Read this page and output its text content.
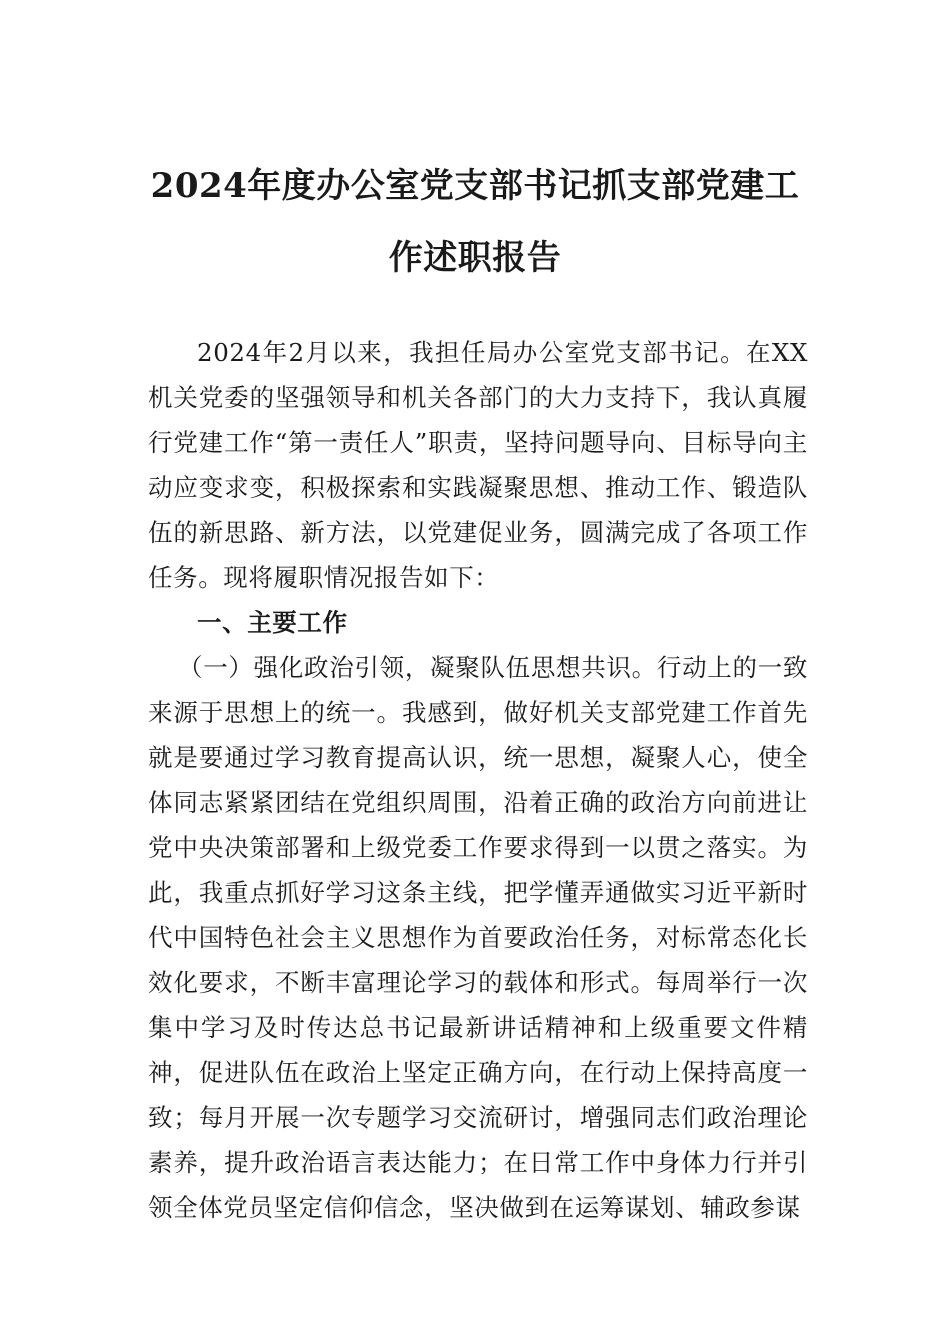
2024年度办公室党支部书记抓支部党建工作述职报告

2024年2月以来，我担任局办公室党支部书记。在XX机关党委的坚强领导和机关各部门的大力支持下，我认真履行党建工作“第一责任人”职责，坚持问题导向、目标导向主动应变求变，积极探索和实践凝聚思想、推动工作、锻造队伍的新思路、新方法，以党建促业务，圆满完成了各项工作任务。现将履职情况报告如下：

一、主要工作

（一）强化政治引领，凝聚队伍思想共识。行动上的一致来源于思想上的统一。我感到，做好机关支部党建工作首先就是要通过学习教育提高认识，统一思想，凝聚人心，使全体同志紧紧团结在党组织周围，沿着正确的政治方向前进让党中央决策部署和上级党委工作要求得到一以贯之落实。为此，我重点抓好学习这条主线，把学懂弄通做实习近平新时代中国特色社会主义思想作为首要政治任务，对标常态化长效化要求，不断丰富理论学习的载体和形式。每周举行一次集中学习及时传达总书记最新讲话精神和上级重要文件精神，促进队伍在政治上坚定正确方向，在行动上保持高度一致；每月开展一次专题学习交流研讨，增强同志们政治理论素养，提升政治语言表达能力；在日常工作中身体力行并引领全体党员坚定信仰信念，坚决做到在运筹谋划、辅政参谋
